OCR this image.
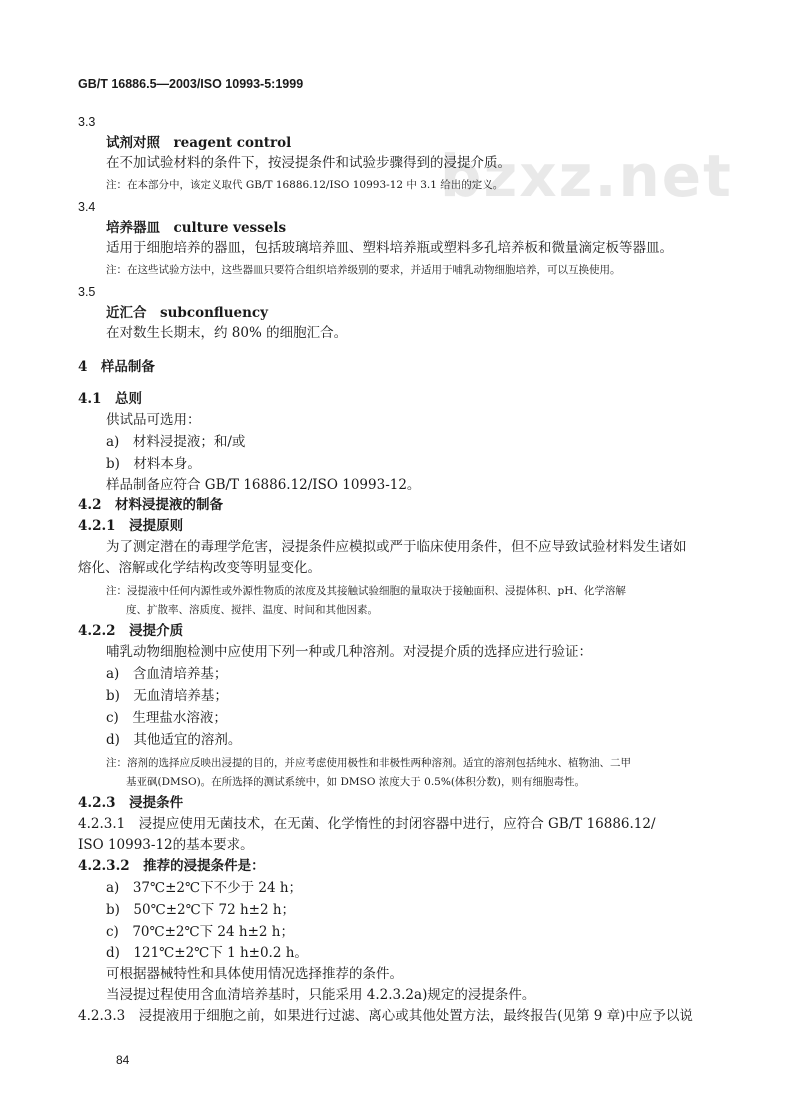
bzxz.net
GB/T 16886.5—2003/ISO 10993-5:1999
3.3
试剂对照　reagent control
在不加试验材料的条件下，按浸提条件和试验步骤得到的浸提介质。
注：在本部分中，该定义取代 GB/T 16886.12/ISO 10993-12 中 3.1 给出的定义。
3.4
培养器皿　culture vessels
适用于细胞培养的器皿，包括玻璃培养皿、塑料培养瓶或塑料多孔培养板和微量滴定板等器皿。
注：在这些试验方法中，这些器皿只要符合组织培养级别的要求，并适用于哺乳动物细胞培养，可以互换使用。
3.5
近汇合　subconfluency
在对数生长期末，约 80% 的细胞汇合。
4　样品制备
4.1　总则
供试品可选用：
a)　材料浸提液；和/或
b)　材料本身。
样品制备应符合 GB/T 16886.12/ISO 10993-12。
4.2　材料浸提液的制备
4.2.1　浸提原则
为了测定潜在的毒理学危害，浸提条件应模拟或严于临床使用条件，但不应导致试验材料发生诸如
熔化、溶解或化学结构改变等明显变化。
注：浸提液中任何内源性或外源性物质的浓度及其接触试验细胞的量取决于接触面积、浸提体积、pH、化学溶解
度、扩散率、溶质度、搅拌、温度、时间和其他因素。
4.2.2　浸提介质
哺乳动物细胞检测中应使用下列一种或几种溶剂。对浸提介质的选择应进行验证：
a)　含血清培养基；
b)　无血清培养基；
c)　生理盐水溶液；
d)　其他适宜的溶剂。
注：溶剂的选择应反映出浸提的目的，并应考虑使用极性和非极性两种溶剂。适宜的溶剂包括纯水、植物油、二甲
基亚砜(DMSO)。在所选择的测试系统中，如 DMSO 浓度大于 0.5%(体积分数)，则有细胞毒性。
4.2.3　浸提条件
4.2.3.1　浸提应使用无菌技术，在无菌、化学惰性的封闭容器中进行，应符合 GB/T 16886.12/
ISO 10993-12的基本要求。
4.2.3.2　推荐的浸提条件是：
a)　37℃±2℃下不少于 24 h；
b)　50℃±2℃下 72 h±2 h；
c)　70℃±2℃下 24 h±2 h；
d)　121℃±2℃下 1 h±0.2 h。
可根据器械特性和具体使用情况选择推荐的条件。
当浸提过程使用含血清培养基时，只能采用 4.2.3.2a)规定的浸提条件。
4.2.3.3　浸提液用于细胞之前，如果进行过滤、离心或其他处置方法，最终报告(见第 9 章)中应予以说
84
